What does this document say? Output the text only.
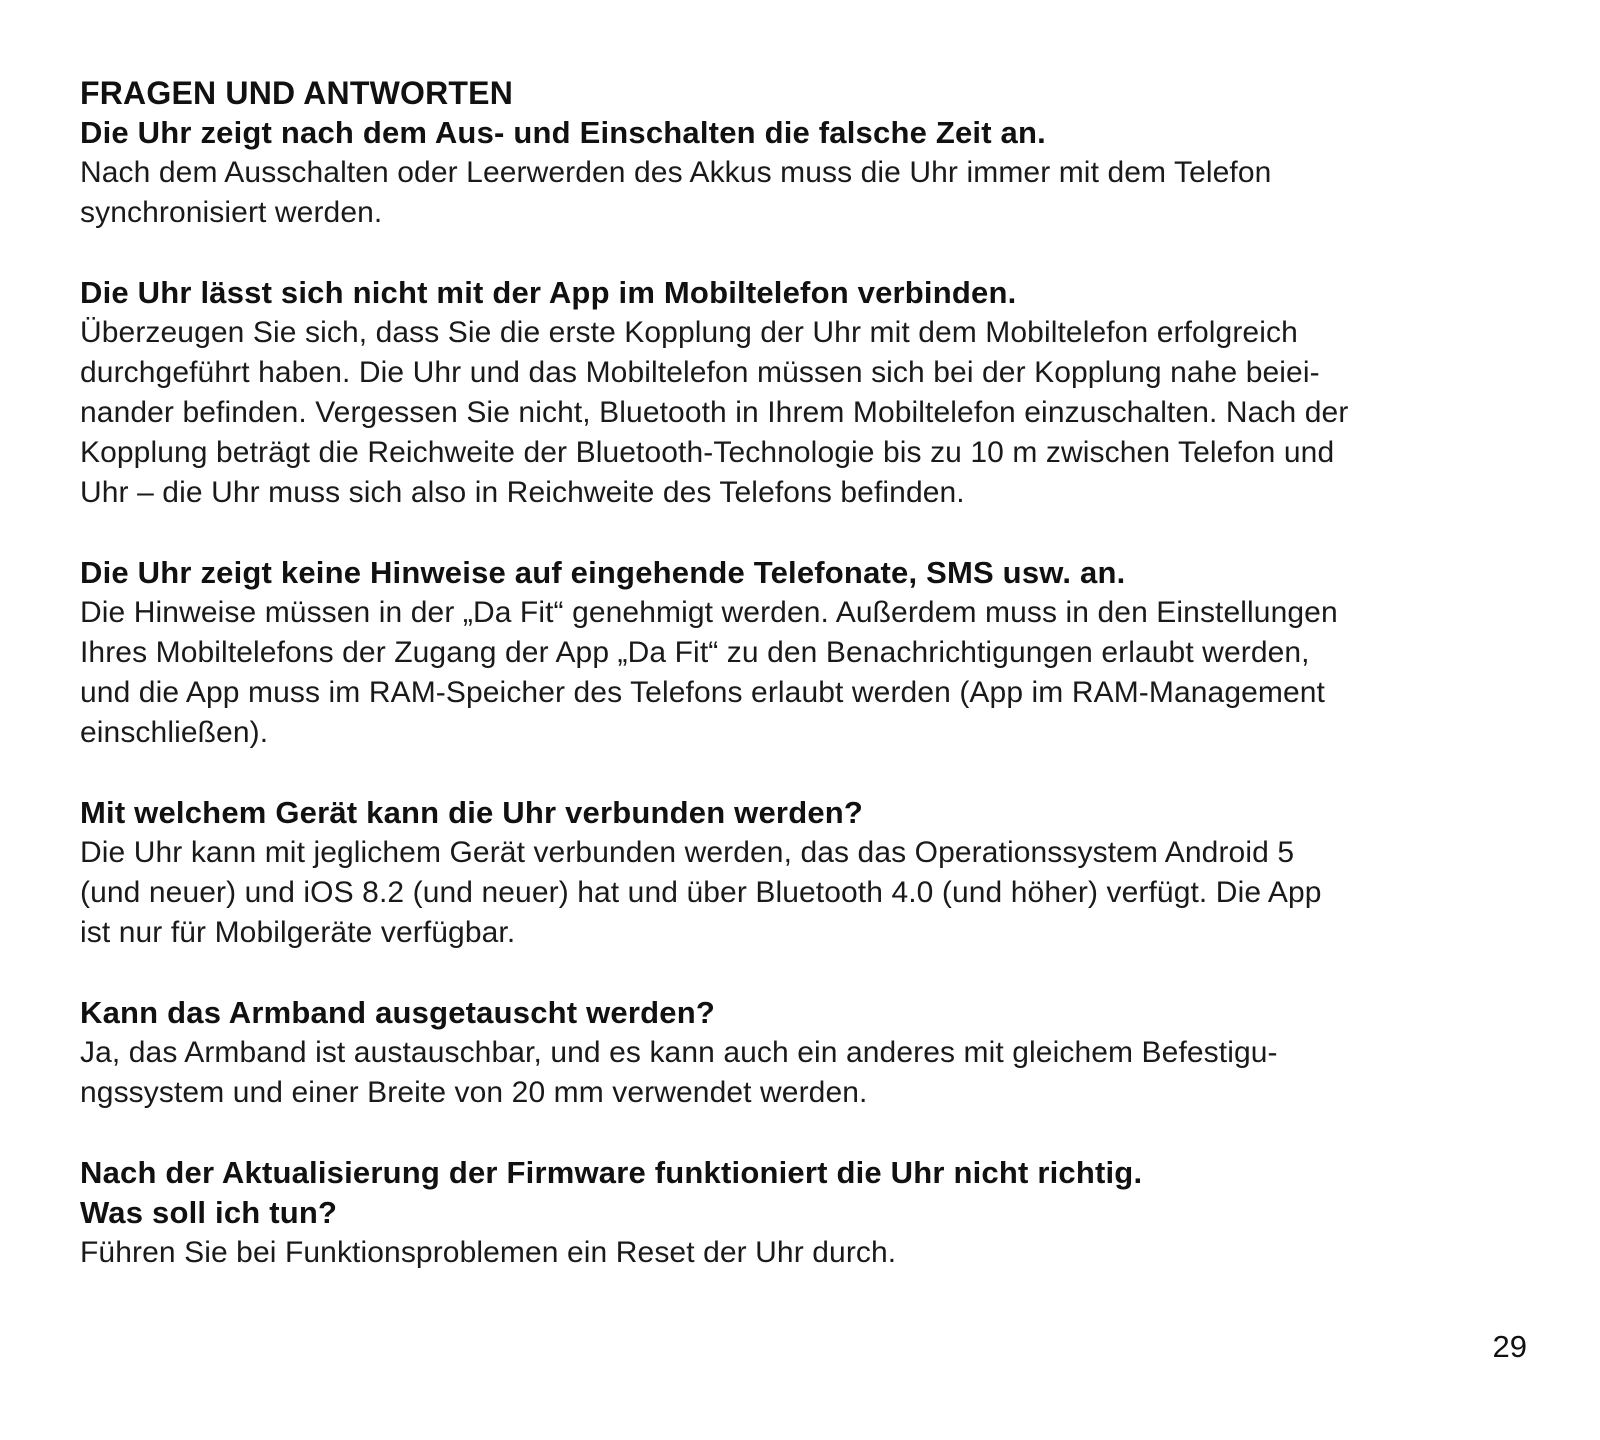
FRAGEN UND ANTWORTEN

Die Uhr zeigt nach dem Aus- und Einschalten die falsche Zeit an.

Nach dem Ausschalten oder Leerwerden des Akkus muss die Uhr immer mit dem Telefon

synchronisiert werden.

Die Uhr lässt sich nicht mit der App im Mobiltelefon verbinden.

Überzeugen Sie sich, dass Sie die erste Kopplung der Uhr mit dem Mobiltelefon erfolgreich

durchgeführt haben. Die Uhr und das Mobiltelefon müssen sich bei der Kopplung nahe beiei-

nander befinden. Vergessen Sie nicht, Bluetooth in Ihrem Mobiltelefon einzuschalten. Nach der

Kopplung beträgt die Reichweite der Bluetooth-Technologie bis zu 10 m zwischen Telefon und

Uhr – die Uhr muss sich also in Reichweite des Telefons befinden.

Die Uhr zeigt keine Hinweise auf eingehende Telefonate, SMS usw. an.

Die Hinweise müssen in der „Da Fit“ genehmigt werden. Außerdem muss in den Einstellungen

Ihres Mobiltelefons der Zugang der App „Da Fit“ zu den Benachrichtigungen erlaubt werden,

und die App muss im RAM-Speicher des Telefons erlaubt werden (App im RAM-Management

einschließen).

Mit welchem Gerät kann die Uhr verbunden werden?

Die Uhr kann mit jeglichem Gerät verbunden werden, das das Operationssystem Android 5

(und neuer) und iOS 8.2 (und neuer) hat und über Bluetooth 4.0 (und höher) verfügt. Die App

ist nur für Mobilgeräte verfügbar.

Kann das Armband ausgetauscht werden?

Ja, das Armband ist austauschbar, und es kann auch ein anderes mit gleichem Befestigu-

ngssystem und einer Breite von 20 mm verwendet werden.

Nach der Aktualisierung der Firmware funktioniert die Uhr nicht richtig.

Was soll ich tun?

Führen Sie bei Funktionsproblemen ein Reset der Uhr durch.

29
